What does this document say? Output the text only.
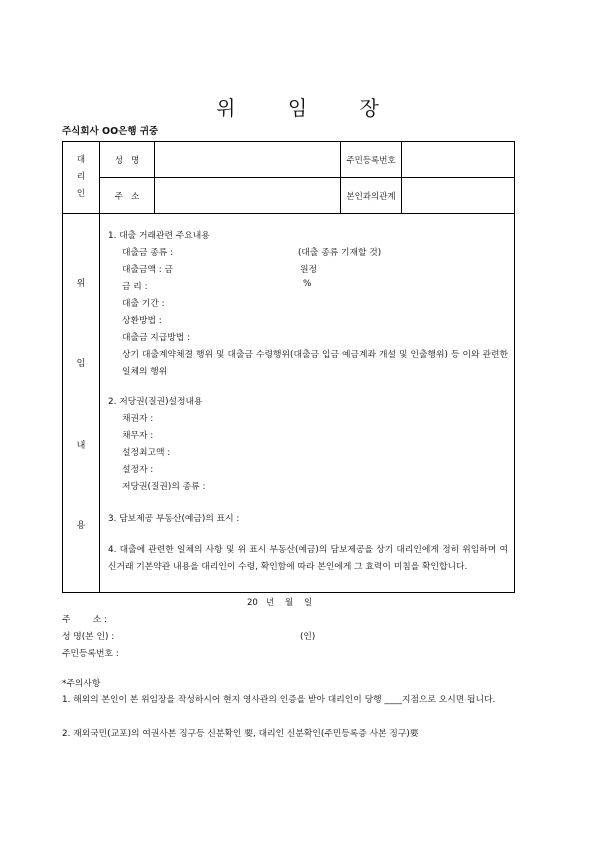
위 임 장
주식회사 OO은행 귀중
대
리
인	성   명		주민등록번호	
	주   소		본인과의관계	
위
임
내
용
1. 대출 거래관련 주요내용
대출금 종류 :	(대출 종류 기재할 것)
대출금액 : 금	원정
금 리 :	%
대출 기간 :
상환방법 :
대출금 지급방법 :
상기 대출계약체결 행위 및 대출금 수령행위(대출금 입금 예금계좌 개설 및 인출행위) 등 이와 관련한 일체의 행위
2. 저당권(질권)설정내용
채권자 :
채무자 :
설정최고액 :
설정자 :
저당권(질권)의 종류 :
3. 담보제공 부동산(예금)의 표시 :
4. 대출에 관련한 일체의 사항 및 위 표시 부동산(예금)의 담보제공을 상기 대리인에게 정히 위임하며 여신거래 기본약관 내용을 대리인이 수령, 확인함에 따라 본인에게 그 효력이 미침을 확인합니다.
20   년    월    일
주        소 :
성 명(본 인) :	(인)
주민등록번호 :
*주의사항
1. 해외의 본인이 본 위임장을 작성하시어 현지 영사관의 인증을 받아 대리인이 당행 ____지점으로 오시면 됩니다.
2. 재외국민(교포)의 여권사본 징구등 신분확인 要, 대리인 신분확인(주민등록증 사본 징구)要
